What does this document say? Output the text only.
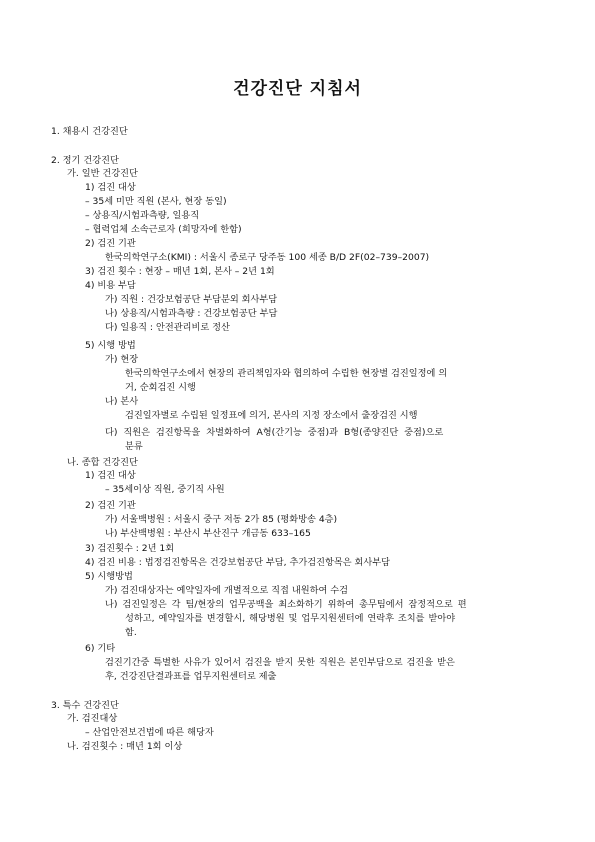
건강진단 지침서
1. 채용시 건강진단
2. 정기 건강진단
가. 일반 건강진단
1) 검진 대상
– 35세 미만 직원 (본사, 현장 동일)
– 상용직/시험과측량, 일용직
– 협력업체 소속근로자 (희망자에 한함)
2) 검진 기관
한국의학연구소(KMI) : 서울시 종로구 당주동 100 세종 B/D 2F(02–739–2007)
3) 검진 횟수 : 현장 – 매년 1회, 본사 – 2년 1회
4) 비용 부담
가) 직원 : 건강보험공단 부담분외 회사부담
나) 상용직/시험과측량 : 건강보험공단 부담
다) 일용직 : 안전관리비로 정산
5) 시행 방법
가) 현장
한국의학연구소에서 현장의 관리책임자와 협의하여 수립한 현장별 검진일정에 의
거, 순회검진 시행
나) 본사
검진일자별로 수립된 일정표에 의거, 본사의 지정 장소에서 출장검진 시행
다) 직원은 검진항목을 차별화하여 A형(간기능 중점)과 B형(종양진단 중점)으로
분류
나. 종합 건강진단
1) 검진 대상
– 35세이상 직원, 중기직 사원
2) 검진 기관
가) 서울백병원 : 서울시 중구 저동 2가 85 (평화방송 4층)
나) 부산백병원 : 부산시 부산진구 개금동 633–165
3) 검진횟수 : 2년 1회
4) 검진 비용 : 법정검진항목은 건강보험공단 부담, 추가검진항목은 회사부담
5) 시행방법
가) 검진대상자는 예약일자에 개별적으로 직접 내원하여 수검
나) 검진일정은 각 팀/현장의 업무공백을 최소화하기 위하여 총무팀에서 잠정적으로 편
성하고, 예약일자를 변경할시, 해당병원 및 업무지원센터에 연락후 조치를 받아야
함.
6) 기타
검진기간중 특별한 사유가 있어서 검진을 받지 못한 직원은 본인부담으로 검진을 받은
후, 건강진단결과표를 업무지원센터로 제출
3. 특수 건강진단
가. 검진대상
– 산업안전보건법에 따른 해당자
나. 검진횟수 : 매년 1회 이상
